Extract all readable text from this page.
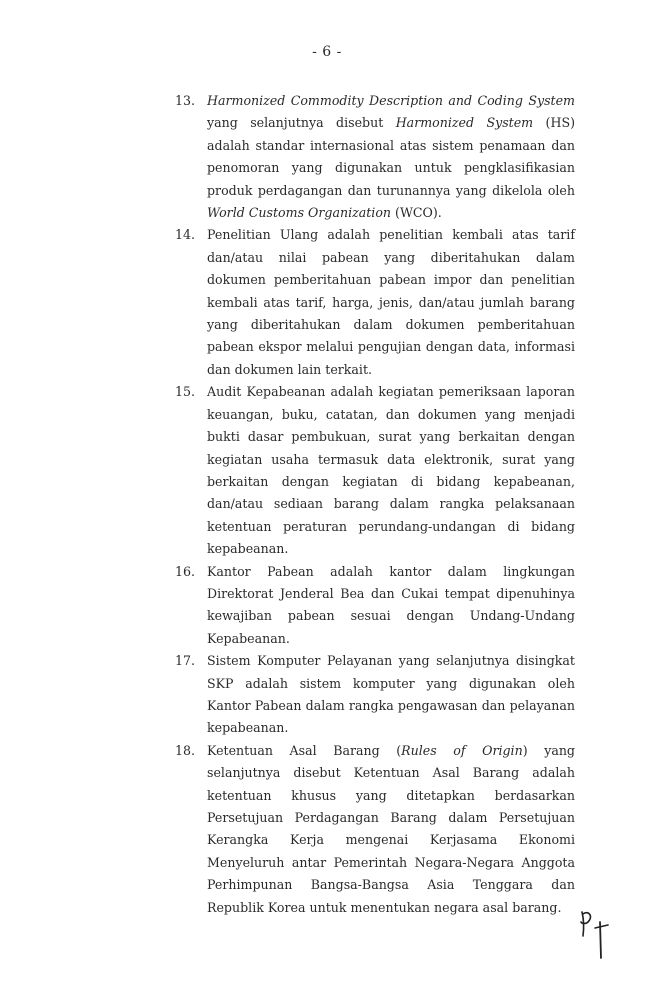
- 6 -
13. Harmonized Commodity Description and Coding System yang selanjutnya disebut Harmonized System (HS) adalah standar internasional atas sistem penamaan dan penomoran yang digunakan untuk pengklasifikasian produk perdagangan dan turunannya yang dikelola oleh World Customs Organization (WCO).
14. Penelitian Ulang adalah penelitian kembali atas tarif dan/atau nilai pabean yang diberitahukan dalam dokumen pemberitahuan pabean impor dan penelitian kembali atas tarif, harga, jenis, dan/atau jumlah barang yang diberitahukan dalam dokumen pemberitahuan pabean ekspor melalui pengujian dengan data, informasi dan dokumen lain terkait.
15. Audit Kepabeanan adalah kegiatan pemeriksaan laporan keuangan, buku, catatan, dan dokumen yang menjadi bukti dasar pembukuan, surat yang berkaitan dengan kegiatan usaha termasuk data elektronik, surat yang berkaitan dengan kegiatan di bidang kepabeanan, dan/atau sediaan barang dalam rangka pelaksanaan ketentuan peraturan perundang-undangan di bidang kepabeanan.
16. Kantor Pabean adalah kantor dalam lingkungan Direktorat Jenderal Bea dan Cukai tempat dipenuhinya kewajiban pabean sesuai dengan Undang-Undang Kepabeanan.
17. Sistem Komputer Pelayanan yang selanjutnya disingkat SKP adalah sistem komputer yang digunakan oleh Kantor Pabean dalam rangka pengawasan dan pelayanan kepabeanan.
18. Ketentuan Asal Barang (Rules of Origin) yang selanjutnya disebut Ketentuan Asal Barang adalah ketentuan khusus yang ditetapkan berdasarkan Persetujuan Perdagangan Barang dalam Persetujuan Kerangka Kerja mengenai Kerjasama Ekonomi Menyeluruh antar Pemerintah Negara-Negara Anggota Perhimpunan Bangsa-Bangsa Asia Tenggara dan Republik Korea untuk menentukan negara asal barang.
